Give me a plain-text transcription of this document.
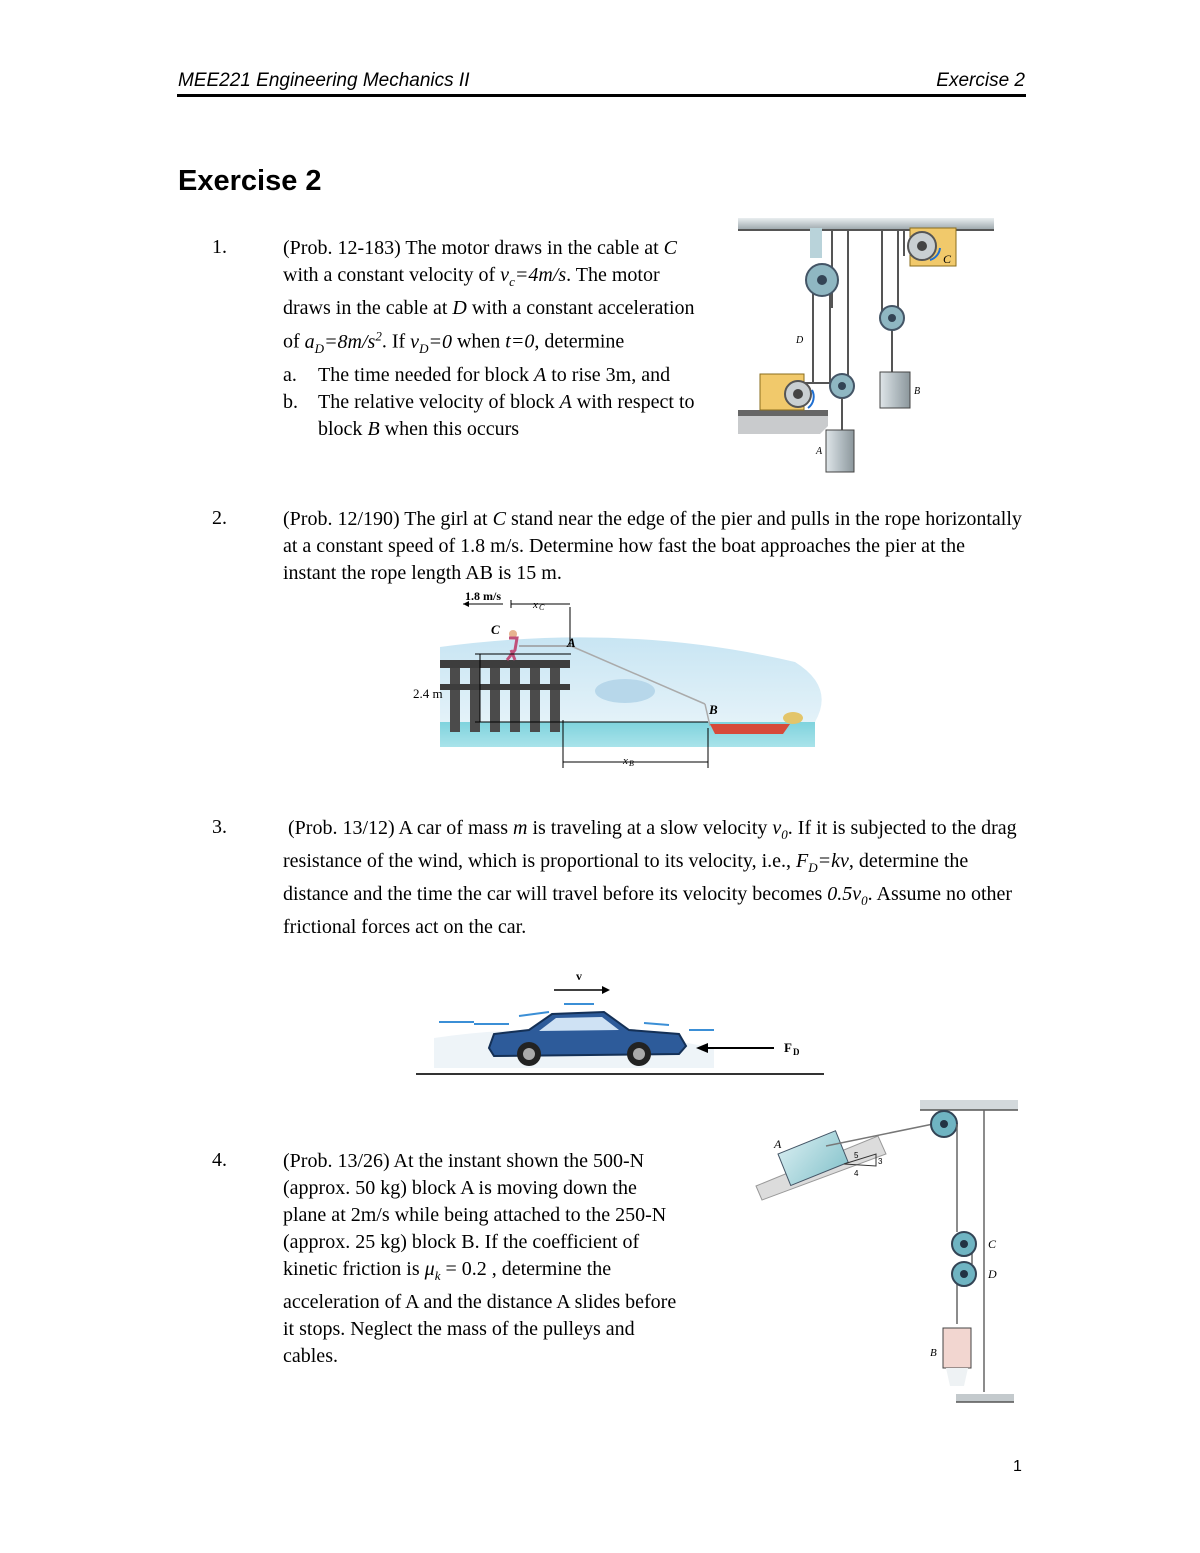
MEE221 Engineering Mechanics II	Exercise 2
Exercise 2
1.	(Prob. 12-183) The motor draws in the cable at C with a constant velocity of $v_c=4m/s$. The motor draws in the cable at D with a constant acceleration of $a_D=8m/s^2$. If $v_D=0$ when t=0, determine
a. The time needed for block A to rise 3m, and
b. The relative velocity of block A with respect to block B when this occurs
C
B
D
A
2.	(Prob. 12/190) The girl at C stand near the edge of the pier and pulls in the rope horizontally at a constant speed of 1.8 m/s. Determine how fast the boat approaches the pier at the instant the rope length AB is 15 m.
1.8 m/s
x C
C
A
2.4 m
B
x B
3.	(Prob. 13/12) A car of mass m is traveling at a slow velocity $v_0$. If it is subjected to the drag resistance of the wind, which is proportional to its velocity, i.e., $F_D=kv$, determine the distance and the time the car will travel before its velocity becomes $0.5v_0$. Assume no other frictional forces act on the car.
v
F D
4.	(Prob. 13/26) At the instant shown the 500-N (approx. 50 kg) block A is moving down the plane at 2m/s while being attached to the 250-N (approx. 25 kg) block B. If the coefficient of kinetic friction is $\mu_k = 0.2$ , determine the acceleration of A and the distance A slides before it stops. Neglect the mass of the pulleys and cables.
5
3
4
A
C
D
B
1
